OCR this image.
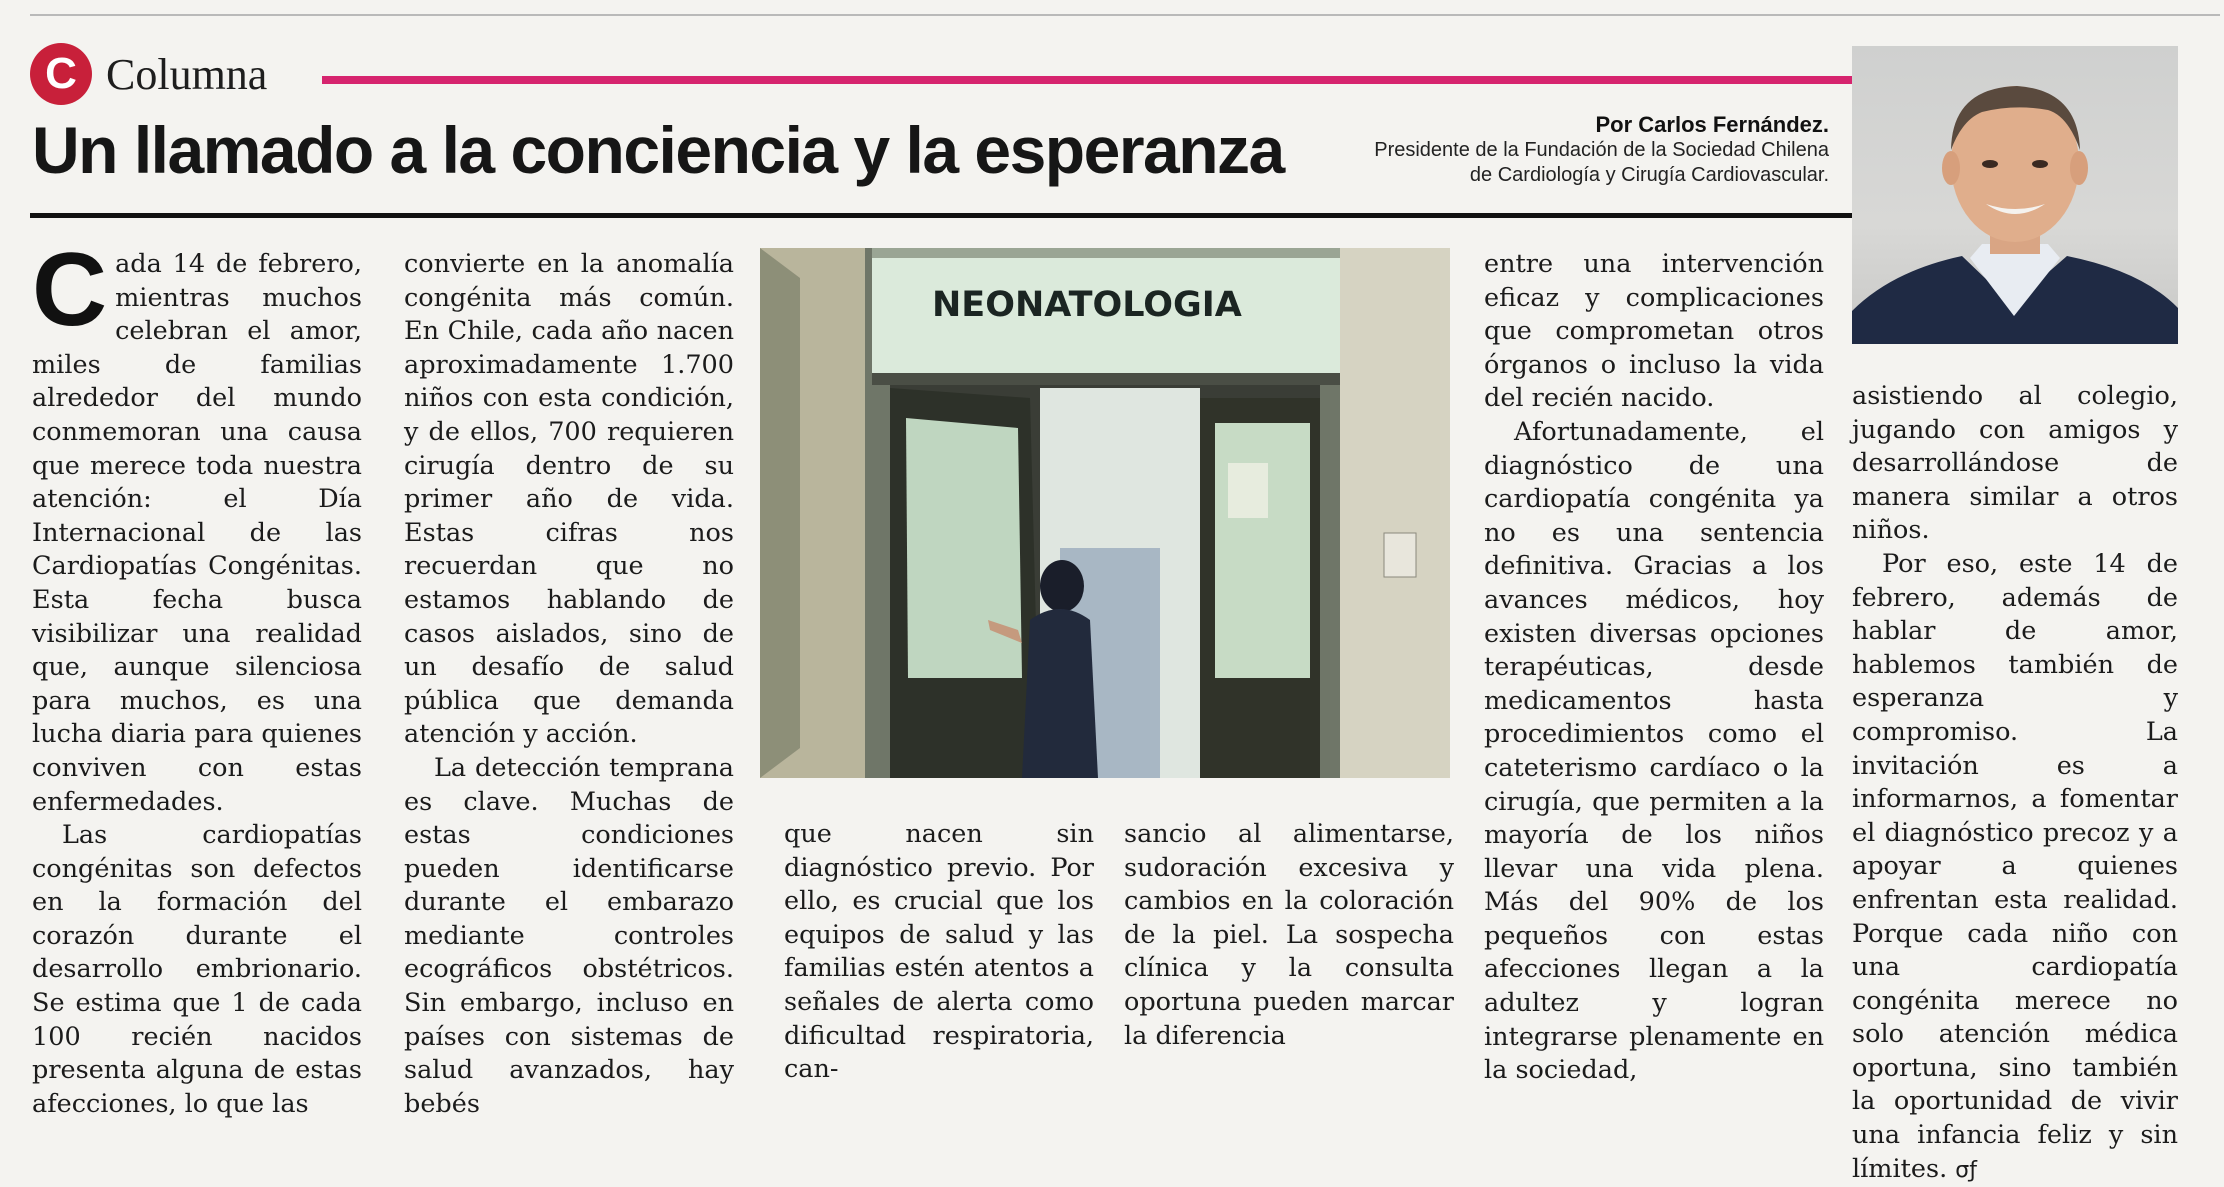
C Columna
Un llamado a la conciencia y la esperanza	Por Carlos Fernández.
Presidente de la Fundación de la Sociedad Chilena
de Cardiología y Cirugía Cardiovascular.

Cada 14 de febrero, mientras muchos celebran el amor, miles de familias alrededor del mundo conmemoran una causa que merece toda nuestra atención: el Día Internacional de las Cardiopatías Congénitas. Esta fecha busca visibilizar una realidad que, aunque silenciosa para muchos, es una lucha diaria para quienes conviven con estas enfermedades.

Las cardiopatías congénitas son defectos en la formación del corazón durante el desarrollo embrionario. Se estima que 1 de cada 100 recién nacidos presenta alguna de estas afecciones, lo que las

convierte en la anomalía congénita más común. En Chile, cada año nacen aproximadamente 1.700 niños con esta condición, y de ellos, 700 requieren cirugía dentro de su primer año de vida. Estas cifras nos recuerdan que no estamos hablando de casos aislados, sino de un desafío de salud pública que demanda atención y acción.

La detección temprana es clave. Muchas de estas condiciones pueden identificarse durante el embarazo mediante controles ecográficos obstétricos. Sin embargo, incluso en países con sistemas de salud avanzados, hay bebés

NEONATOLOGIA

que nacen sin diagnóstico previo. Por ello, es crucial que los equipos de salud y las familias estén atentos a señales de alerta como dificultad respiratoria, can-

sancio al alimentarse, sudoración excesiva y cambios en la coloración de la piel. La sospecha clínica y la consulta oportuna pueden marcar la diferencia

entre una intervención eficaz y complicaciones que comprometan otros órganos o incluso la vida del recién nacido.

Afortunadamente, el diagnóstico de una cardiopatía congénita ya no es una sentencia definitiva. Gracias a los avances médicos, hoy existen diversas opciones terapéuticas, desde medicamentos hasta procedimientos como el cateterismo cardíaco o la cirugía, que permiten a la mayoría de los niños llevar una vida plena. Más del 90% de los pequeños con estas afecciones llegan a la adultez y logran integrarse plenamente en la sociedad,

asistiendo al colegio, jugando con amigos y desarrollándose de manera similar a otros niños.

Por eso, este 14 de febrero, además de hablar de amor, hablemos también de esperanza y compromiso. La invitación es a informarnos, a fomentar el diagnóstico precoz y a apoyar a quienes enfrentan esta realidad. Porque cada niño con una cardiopatía congénita merece no solo atención médica oportuna, sino también la oportunidad de vivir una infancia feliz y sin límites. σƒ
